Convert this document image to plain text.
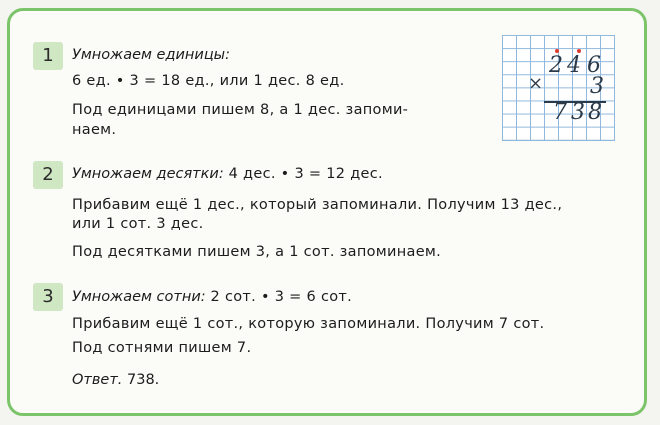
1	Умножаем единицы:
6 ед. • 3 = 18 ед., или 1 дес. 8 ед.
Под единицами пишем 8, а 1 дес. запоми-
наем.
×
2 4 6
3
7 3 8
2	Умножаем десятки: 4 дес. • 3 = 12 дес.
Прибавим ещё 1 дес., который запоминали. Получим 13 дес.,
или 1 сот. 3 дес.
Под десятками пишем 3, а 1 сот. запоминаем.
3	Умножаем сотни: 2 сот. • 3 = 6 сот.
Прибавим ещё 1 сот., которую запоминали. Получим 7 сот.
Под сотнями пишем 7.
Ответ. 738.
